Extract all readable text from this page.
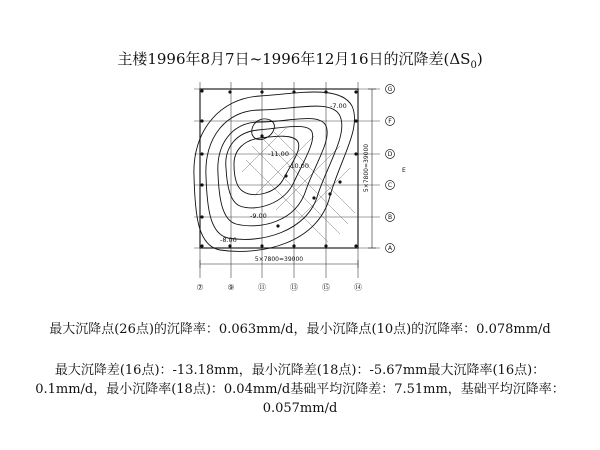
主楼1996年8月7日~1996年12月16日的沉降差$(\Delta S_0)$
-10.00
-11.00
-9.00
-8.00
-7.00
5×7800=39000
5×7800=39000
⑦	⑨	⑪	⑬	⑮	⑭
G
F
D
C
B
A
E
最大沉降点(26点)的沉降率：0.063mm/d，最小沉降点(10点)的沉降率：0.078mm/d
最大沉降差(16点)：-13.18mm，最小沉降差(18点)：-5.67mm最大沉降率(16点)：0.1mm/d，最小沉降率(18点)：0.04mm/d基础平均沉降差：7.51mm，基础平均沉降率：0.057mm/d
